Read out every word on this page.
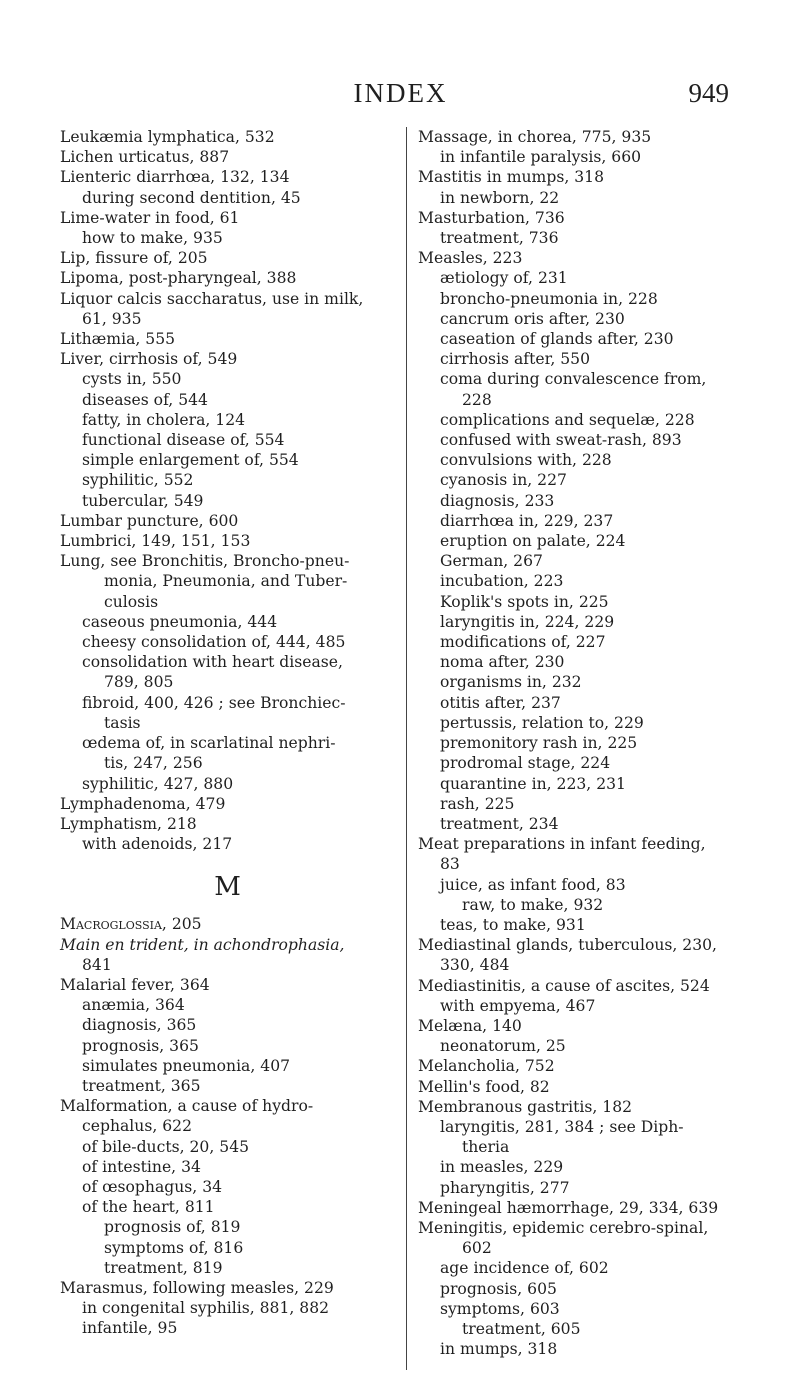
INDEX	949
Leukæmia lymphatica, 532
Lichen urticatus, 887
Lienteric diarrhœa, 132, 134
during second dentition, 45
Lime-water in food, 61
how to make, 935
Lip, fissure of, 205
Lipoma, post-pharyngeal, 388
Liquor calcis saccharatus, use in milk,
61, 935
Lithæmia, 555
Liver, cirrhosis of, 549
cysts in, 550
diseases of, 544
fatty, in cholera, 124
functional disease of, 554
simple enlargement of, 554
syphilitic, 552
tubercular, 549
Lumbar puncture, 600
Lumbrici, 149, 151, 153
Lung, see Bronchitis, Broncho-pneu-
monia, Pneumonia, and Tuber-
culosis
caseous pneumonia, 444
cheesy consolidation of, 444, 485
consolidation with heart disease,
789, 805
fibroid, 400, 426 ; see Bronchiec-
tasis
œdema of, in scarlatinal nephri-
tis, 247, 256
syphilitic, 427, 880
Lymphadenoma, 479
Lymphatism, 218
with adenoids, 217
M
Macroglossia, 205
Main en trident, in achondrophasia,
841
Malarial fever, 364
anæmia, 364
diagnosis, 365
prognosis, 365
simulates pneumonia, 407
treatment, 365
Malformation, a cause of hydro-
cephalus, 622
of bile-ducts, 20, 545
of intestine, 34
of œsophagus, 34
of the heart, 811
prognosis of, 819
symptoms of, 816
treatment, 819
Marasmus, following measles, 229
in congenital syphilis, 881, 882
infantile, 95
Massage, in chorea, 775, 935
in infantile paralysis, 660
Mastitis in mumps, 318
in newborn, 22
Masturbation, 736
treatment, 736
Measles, 223
ætiology of, 231
broncho-pneumonia in, 228
cancrum oris after, 230
caseation of glands after, 230
cirrhosis after, 550
coma during convalescence from,
228
complications and sequelæ, 228
confused with sweat-rash, 893
convulsions with, 228
cyanosis in, 227
diagnosis, 233
diarrhœa in, 229, 237
eruption on palate, 224
German, 267
incubation, 223
Koplik's spots in, 225
laryngitis in, 224, 229
modifications of, 227
noma after, 230
organisms in, 232
otitis after, 237
pertussis, relation to, 229
premonitory rash in, 225
prodromal stage, 224
quarantine in, 223, 231
rash, 225
treatment, 234
Meat preparations in infant feeding,
83
juice, as infant food, 83
raw, to make, 932
teas, to make, 931
Mediastinal glands, tuberculous, 230,
330, 484
Mediastinitis, a cause of ascites, 524
with empyema, 467
Melæna, 140
neonatorum, 25
Melancholia, 752
Mellin's food, 82
Membranous gastritis, 182
laryngitis, 281, 384 ; see Diph-
theria
in measles, 229
pharyngitis, 277
Meningeal hæmorrhage, 29, 334, 639
Meningitis, epidemic cerebro-spinal,
602
age incidence of, 602
prognosis, 605
symptoms, 603
treatment, 605
in mumps, 318
